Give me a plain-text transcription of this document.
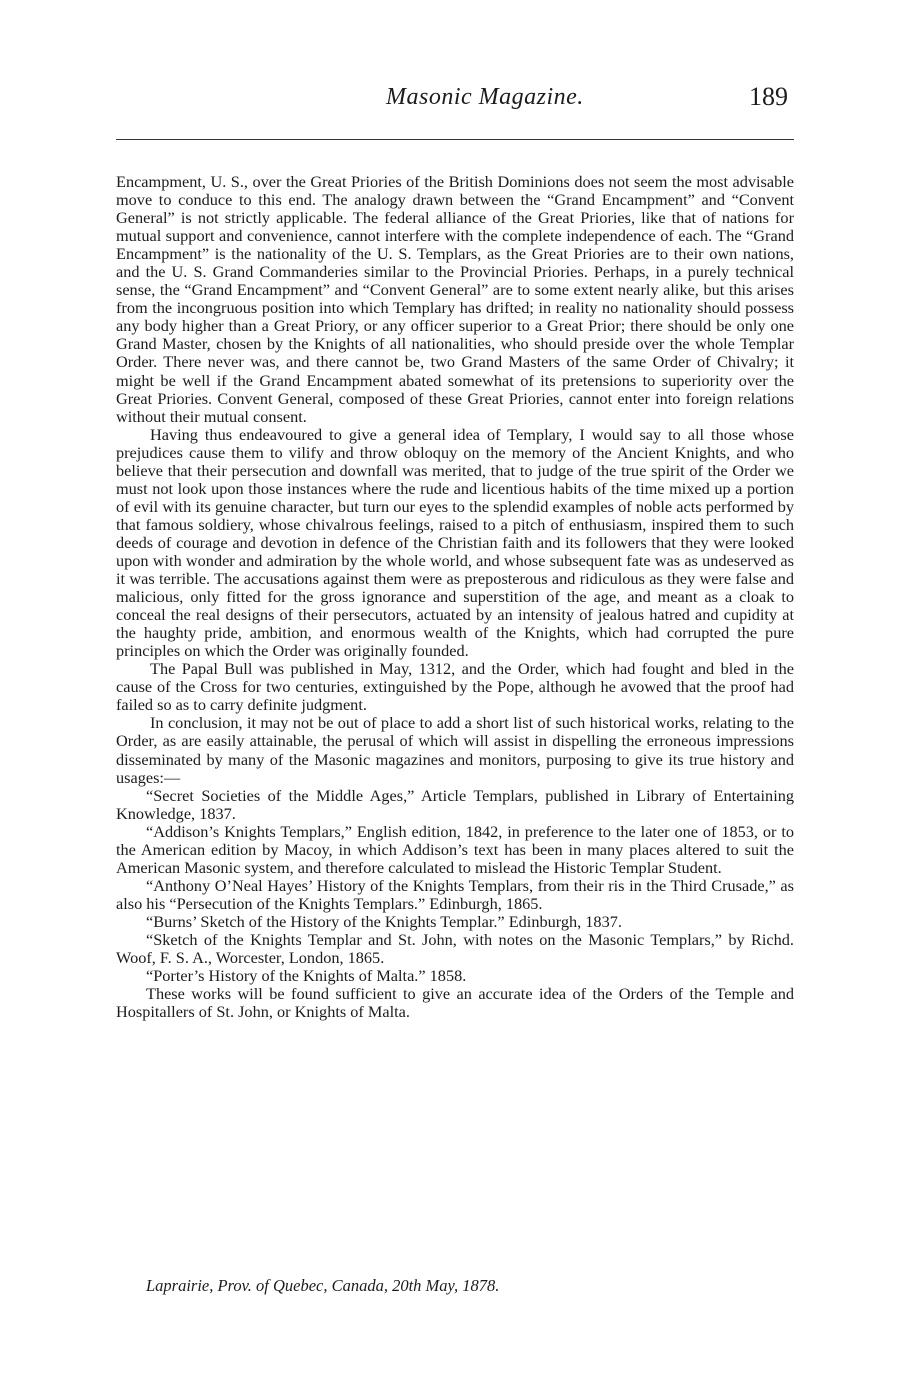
Masonic Magazine.	189

Encampment, U. S., over the Great Priories of the British Dominions does not seem the most advisable move to conduce to this end. The analogy drawn between the “Grand Encampment” and “Convent General” is not strictly applicable. The federal alliance of the Great Priories, like that of nations for mutual support and convenience, cannot interfere with the complete independence of each. The “Grand Encampment” is the nationality of the U. S. Templars, as the Great Priories are to their own nations, and the U. S. Grand Commanderies similar to the Provincial Priories. Perhaps, in a purely technical sense, the “Grand Encampment” and “Convent General” are to some extent nearly alike, but this arises from the incongruous position into which Templary has drifted; in reality no nationality should possess any body higher than a Great Priory, or any officer superior to a Great Prior; there should be only one Grand Master, chosen by the Knights of all nationalities, who should preside over the whole Templar Order. There never was, and there cannot be, two Grand Masters of the same Order of Chivalry; it might be well if the Grand Encampment abated somewhat of its pretensions to superiority over the Great Priories. Convent General, composed of these Great Priories, cannot enter into foreign relations without their mutual consent.

Having thus endeavoured to give a general idea of Templary, I would say to all those whose prejudices cause them to vilify and throw obloquy on the memory of the Ancient Knights, and who believe that their persecution and downfall was merited, that to judge of the true spirit of the Order we must not look upon those instances where the rude and licentious habits of the time mixed up a portion of evil with its genuine character, but turn our eyes to the splendid examples of noble acts performed by that famous soldiery, whose chivalrous feelings, raised to a pitch of enthusiasm, inspired them to such deeds of courage and devotion in defence of the Christian faith and its followers that they were looked upon with wonder and admiration by the whole world, and whose subsequent fate was as undeserved as it was terrible. The accusations against them were as preposterous and ridiculous as they were false and malicious, only fitted for the gross ignorance and superstition of the age, and meant as a cloak to conceal the real designs of their persecutors, actuated by an intensity of jealous hatred and cupidity at the haughty pride, ambition, and enormous wealth of the Knights, which had corrupted the pure principles on which the Order was originally founded.

The Papal Bull was published in May, 1312, and the Order, which had fought and bled in the cause of the Cross for two centuries, extinguished by the Pope, although he avowed that the proof had failed so as to carry definite judgment.

In conclusion, it may not be out of place to add a short list of such historical works, relating to the Order, as are easily attainable, the perusal of which will assist in dispelling the erroneous impressions disseminated by many of the Masonic magazines and monitors, purposing to give its true history and usages:—

“Secret Societies of the Middle Ages,” Article Templars, published in Library of Entertaining Knowledge, 1837.

“Addison’s Knights Templars,” English edition, 1842, in preference to the later one of 1853, or to the American edition by Macoy, in which Addison’s text has been in many places altered to suit the American Masonic system, and therefore calculated to mislead the Historic Templar Student.

“Anthony O’Neal Hayes’ History of the Knights Templars, from their ris in the Third Crusade,” as also his “Persecution of the Knights Templars.” Edinburgh, 1865.

“Burns’ Sketch of the History of the Knights Templar.” Edinburgh, 1837.

“Sketch of the Knights Templar and St. John, with notes on the Masonic Templars,” by Richd. Woof, F. S. A., Worcester, London, 1865.

“Porter’s History of the Knights of Malta.” 1858.

These works will be found sufficient to give an accurate idea of the Orders of the Temple and Hospitallers of St. John, or Knights of Malta.

Laprairie, Prov. of Quebec, Canada, 20th May, 1878.
